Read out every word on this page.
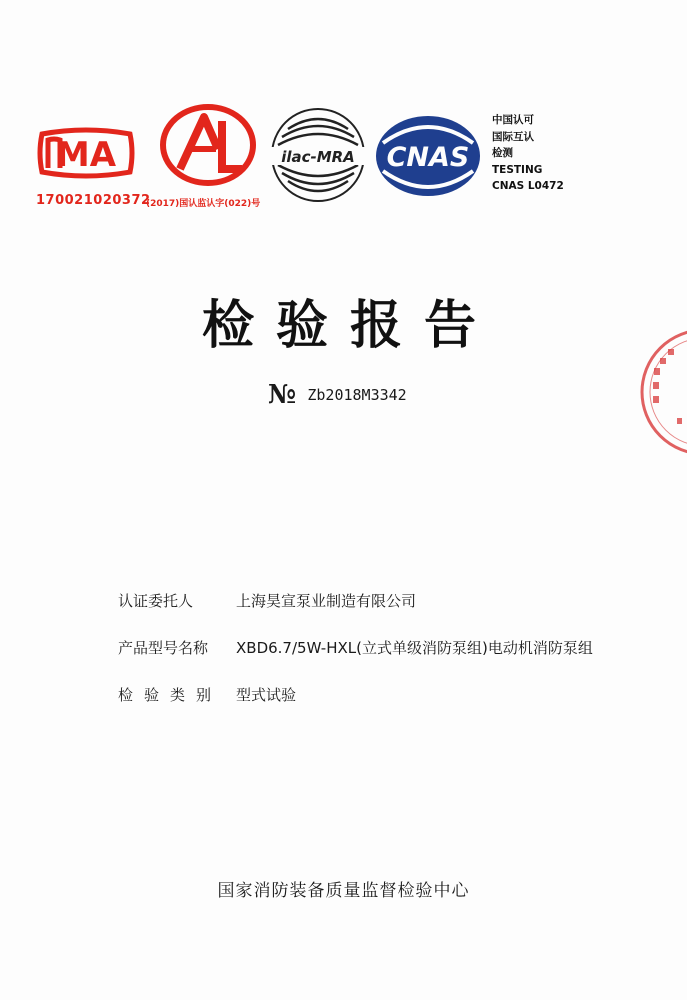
MA
170021020372
(2017)国认监认字(022)号
ilac-MRA CNAS
中国认可
国际互认
检测
TESTING
CNAS L0472
检验报告
№ Zb2018M3342
认证委托人	上海昊宣泵业制造有限公司
产品型号名称 XBD6.7/5W-HXL(立式单级消防泵组)电动机消防泵组
检验类别 型式试验
国家消防装备质量监督检验中心
